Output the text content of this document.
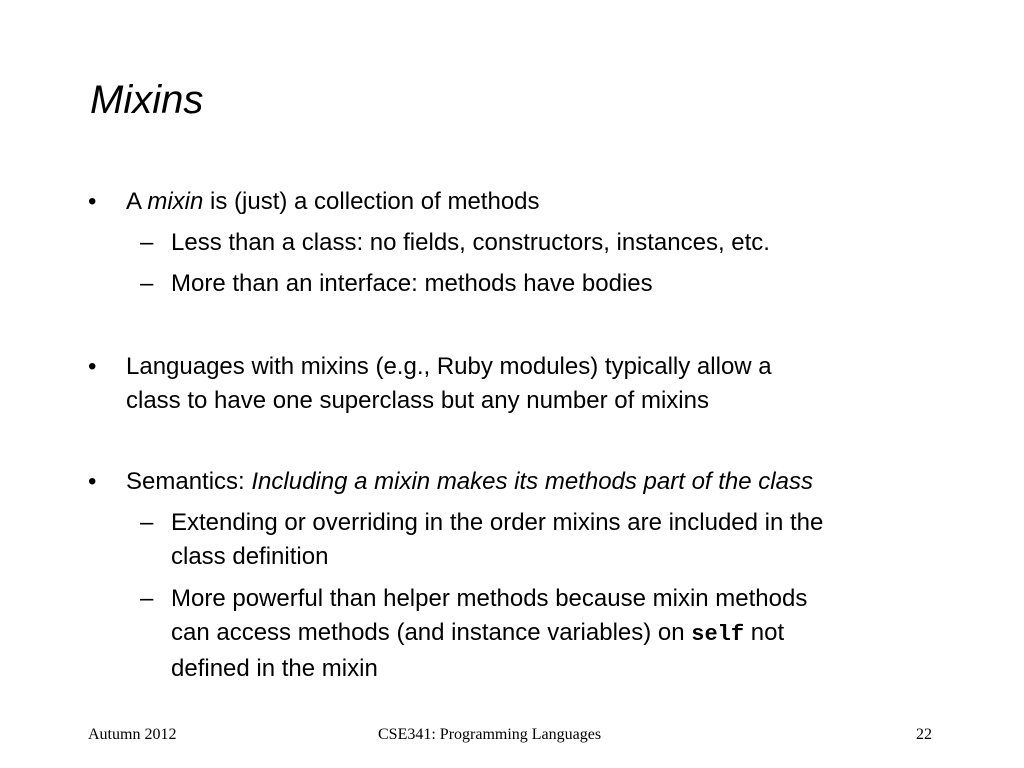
Mixins
• A mixin is (just) a collection of methods
– Less than a class: no fields, constructors, instances, etc.
– More than an interface: methods have bodies
• Languages with mixins (e.g., Ruby modules) typically allow a
class to have one superclass but any number of mixins
• Semantics: Including a mixin makes its methods part of the class
– Extending or overriding in the order mixins are included in the
class definition
– More powerful than helper methods because mixin methods
can access methods (and instance variables) on self not
defined in the mixin
Autumn 2012	CSE341: Programming Languages	22
